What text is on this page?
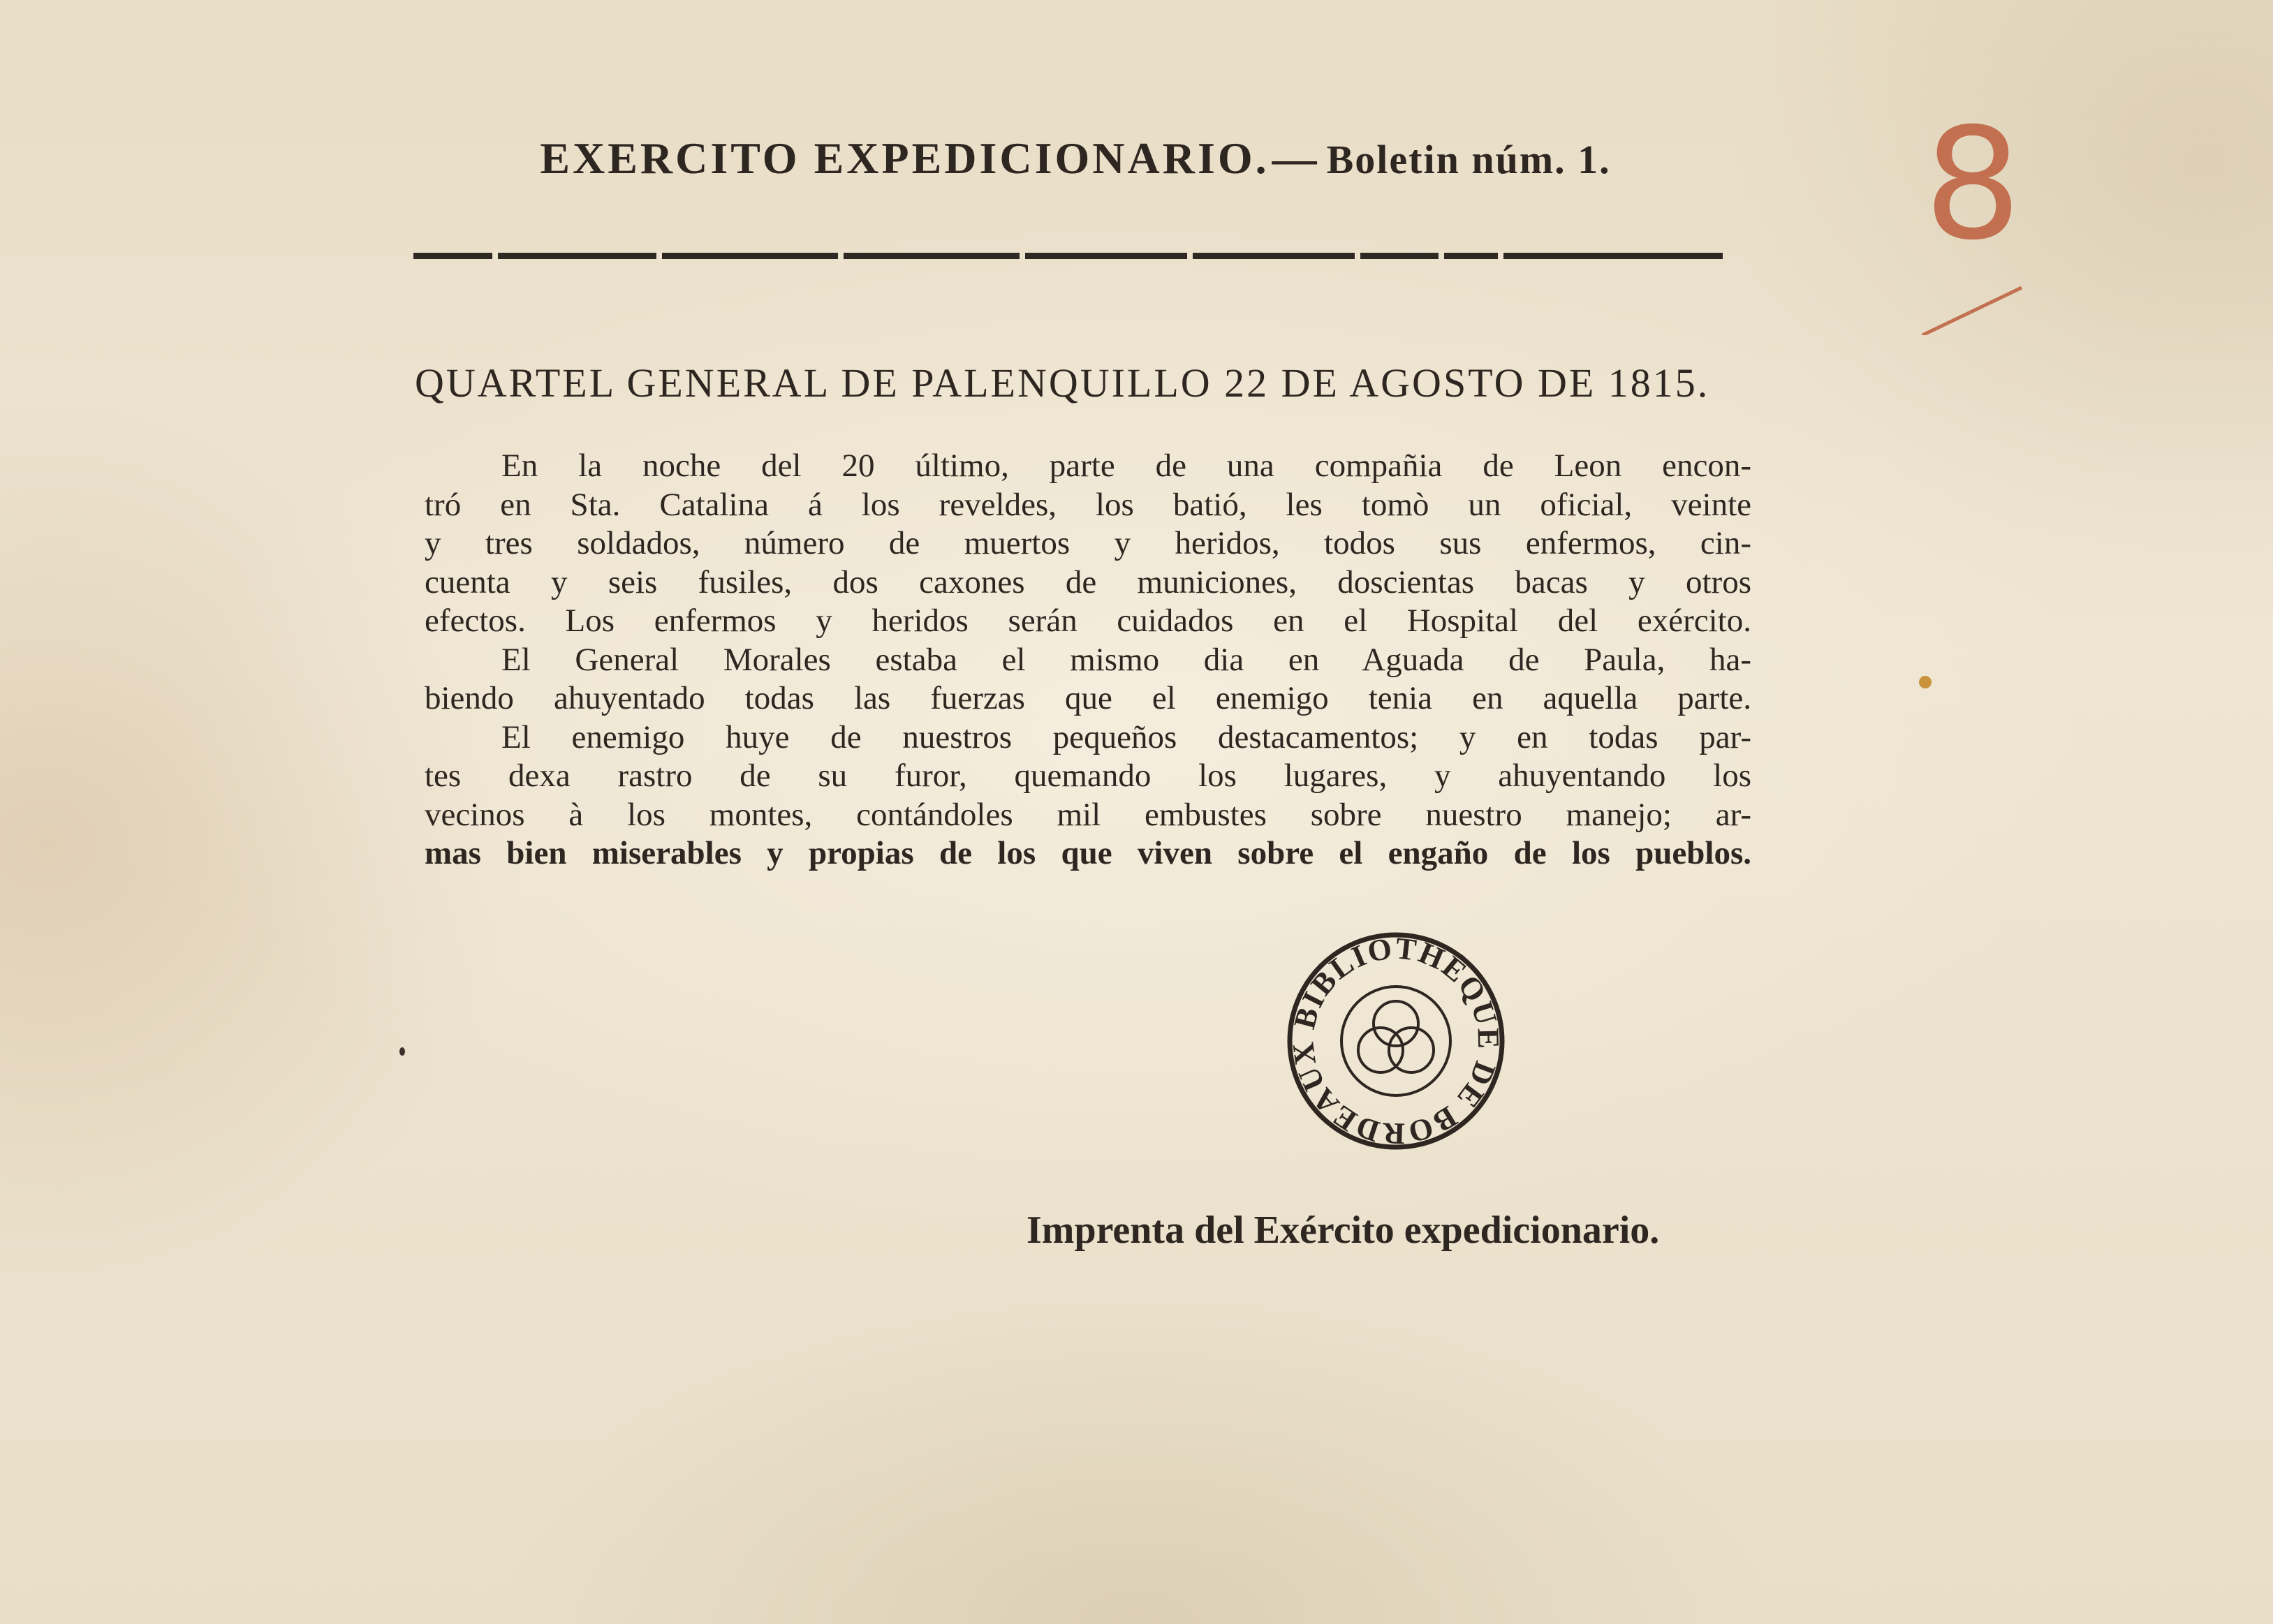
EXERCITO EXPEDICIONARIO. — Boletin núm. 1.
QUARTEL GENERAL DE PALENQUILLO 22 DE AGOSTO DE 1815.
En la noche del 20 último, parte de una compañia de Leon encon-
tró en Sta. Catalina á los reveldes, los batió, les tomò un oficial, veinte
y tres soldados, número de muertos y heridos, todos sus enfermos, cin-
cuenta y seis fusiles, dos caxones de municiones, doscientas bacas y otros
efectos. Los enfermos y heridos serán cuidados en el Hospital del exército.
El General Morales estaba el mismo dia en Aguada de Paula, ha-
biendo ahuyentado todas las fuerzas que el enemigo tenia en aquella parte.
El enemigo huye de nuestros pequeños destacamentos; y en todas par-
tes dexa rastro de su furor, quemando los lugares, y ahuyentando los
vecinos à los montes, contándoles mil embustes sobre nuestro manejo; ar-
mas bien miserables y propias de los que viven sobre el engaño de los pueblos.
BIBLIOTHÈQUE DE BORDEAUX
Imprenta del Exército expedicionario.
8
